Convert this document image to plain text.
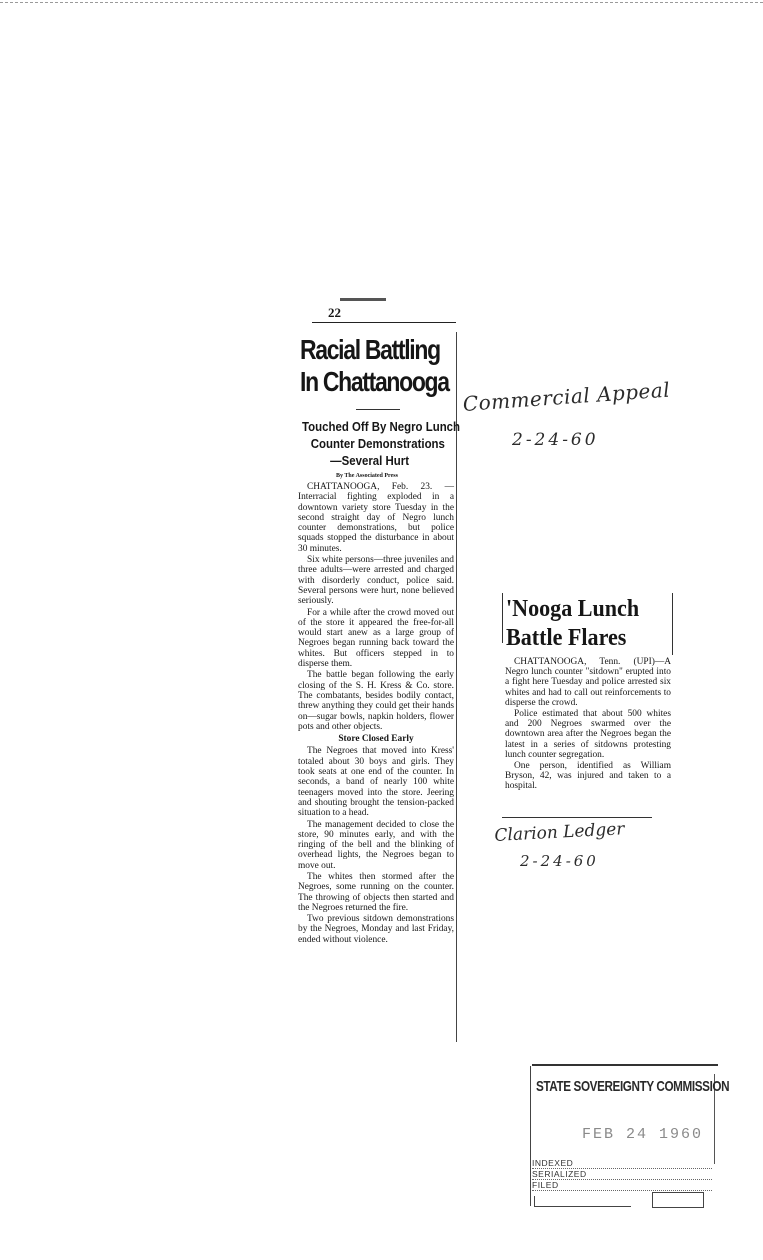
22
Racial Battling
In Chattanooga
Touched Off By Negro Lunch
Counter Demonstrations
—Several Hurt
By The Associated Press

CHATTANOOGA, Feb. 23. — Interracial fighting exploded in a downtown variety store Tuesday in the second straight day of Negro lunch counter demonstrations, but police squads stopped the disturbance in about 30 minutes.

Six white persons—three juveniles and three adults—were arrested and charged with disorderly conduct, police said. Several persons were hurt, none believed seriously.

For a while after the crowd moved out of the store it appeared the free-for-all would start anew as a large group of Negroes began running back toward the whites. But officers stepped in to disperse them.

The battle began following the early closing of the S. H. Kress & Co. store. The combatants, besides bodily contact, threw anything they could get their hands on—sugar bowls, napkin holders, flower pots and other objects.

Store Closed Early

The Negroes that moved into Kress' totaled about 30 boys and girls. They took seats at one end of the counter. In seconds, a band of nearly 100 white teenagers moved into the store. Jeering and shouting brought the tension-packed situation to a head.

The management decided to close the store, 90 minutes early, and with the ringing of the bell and the blinking of overhead lights, the Negroes began to move out.

The whites then stormed after the Negroes, some running on the counter. The throwing of objects then started and the Negroes returned the fire.

Two previous sitdown demonstrations by the Negroes, Monday and last Friday, ended without violence.

Commercial Appeal
2-24-60
'Nooga Lunch
Battle Flares

CHATTANOOGA, Tenn. (UPI)—A Negro lunch counter "sitdown" erupted into a fight here Tuesday and police arrested six whites and had to call out reinforcements to disperse the crowd.

Police estimated that about 500 whites and 200 Negroes swarmed over the downtown area after the Negroes began the latest in a series of sitdowns protesting lunch counter segregation.

One person, identified as William Bryson, 42, was injured and taken to a hospital.

Clarion Ledger
2-24-60
STATE SOVEREIGNTY COMMISSION
FEB 24 1960
INDEXED
SERIALIZED
FILED
